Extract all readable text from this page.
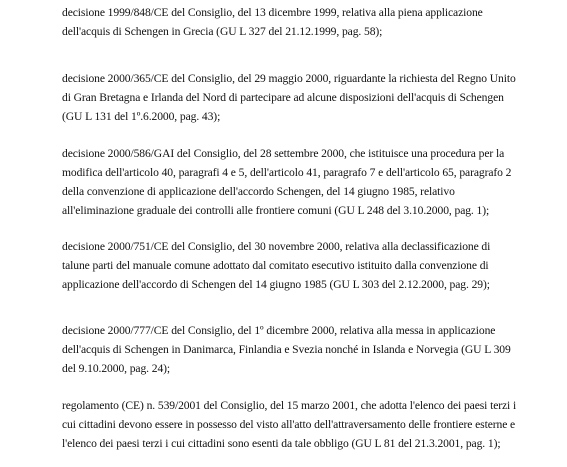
decisione 1999/848/CE del Consiglio, del 13 dicembre 1999, relativa alla piena applicazione
dell'acquis di Schengen in Grecia (GU L 327 del 21.12.1999, pag. 58);
decisione 2000/365/CE del Consiglio, del 29 maggio 2000, riguardante la richiesta del Regno Unito
di Gran Bretagna e Irlanda del Nord di partecipare ad alcune disposizioni dell'acquis di Schengen
(GU L 131 del 1º.6.2000, pag. 43);
decisione 2000/586/GAI del Consiglio, del 28 settembre 2000, che istituisce una procedura per la
modifica dell'articolo 40, paragrafi 4 e 5, dell'articolo 41, paragrafo 7 e dell'articolo 65, paragrafo 2
della convenzione di applicazione dell'accordo Schengen, del 14 giugno 1985, relativo
all'eliminazione graduale dei controlli alle frontiere comuni (GU L 248 del 3.10.2000, pag. 1);
decisione 2000/751/CE del Consiglio, del 30 novembre 2000, relativa alla declassificazione di
talune parti del manuale comune adottato dal comitato esecutivo istituito dalla convenzione di
applicazione dell'accordo di Schengen del 14 giugno 1985 (GU L 303 del 2.12.2000, pag. 29);
decisione 2000/777/CE del Consiglio, del 1º dicembre 2000, relativa alla messa in applicazione
dell'acquis di Schengen in Danimarca, Finlandia e Svezia nonché in Islanda e Norvegia (GU L 309
del 9.10.2000, pag. 24);
regolamento (CE) n. 539/2001 del Consiglio, del 15 marzo 2001, che adotta l'elenco dei paesi terzi i
cui cittadini devono essere in possesso del visto all'atto dell'attraversamento delle frontiere esterne e
l'elenco dei paesi terzi i cui cittadini sono esenti da tale obbligo (GU L 81 del 21.3.2001, pag. 1);
